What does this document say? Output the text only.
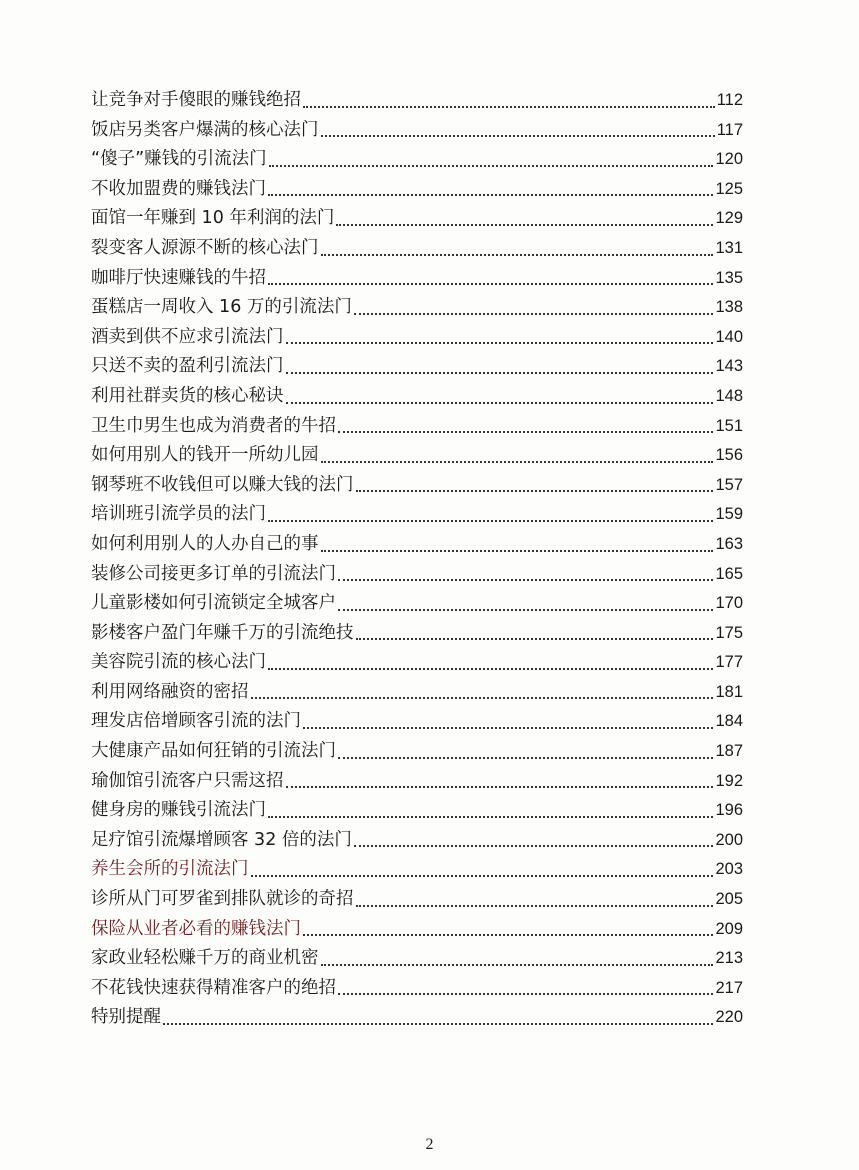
让竞争对手傻眼的赚钱绝招	112
饭店另类客户爆满的核心法门	117
“傻子”赚钱的引流法门	120
不收加盟费的赚钱法门	125
面馆一年赚到 10 年利润的法门	129
裂变客人源源不断的核心法门	131
咖啡厅快速赚钱的牛招	135
蛋糕店一周收入 16 万的引流法门	138
酒卖到供不应求引流法门	140
只送不卖的盈利引流法门	143
利用社群卖货的核心秘诀	148
卫生巾男生也成为消费者的牛招	151
如何用别人的钱开一所幼儿园	156
钢琴班不收钱但可以赚大钱的法门	157
培训班引流学员的法门	159
如何利用别人的人办自己的事	163
装修公司接更多订单的引流法门	165
儿童影楼如何引流锁定全城客户	170
影楼客户盈门年赚千万的引流绝技	175
美容院引流的核心法门	177
利用网络融资的密招	181
理发店倍增顾客引流的法门	184
大健康产品如何狂销的引流法门	187
瑜伽馆引流客户只需这招	192
健身房的赚钱引流法门	196
足疗馆引流爆增顾客 32 倍的法门	200
养生会所的引流法门	203
诊所从门可罗雀到排队就诊的奇招	205
保险从业者必看的赚钱法门	209
家政业轻松赚千万的商业机密	213
不花钱快速获得精准客户的绝招	217
特别提醒	220
2
